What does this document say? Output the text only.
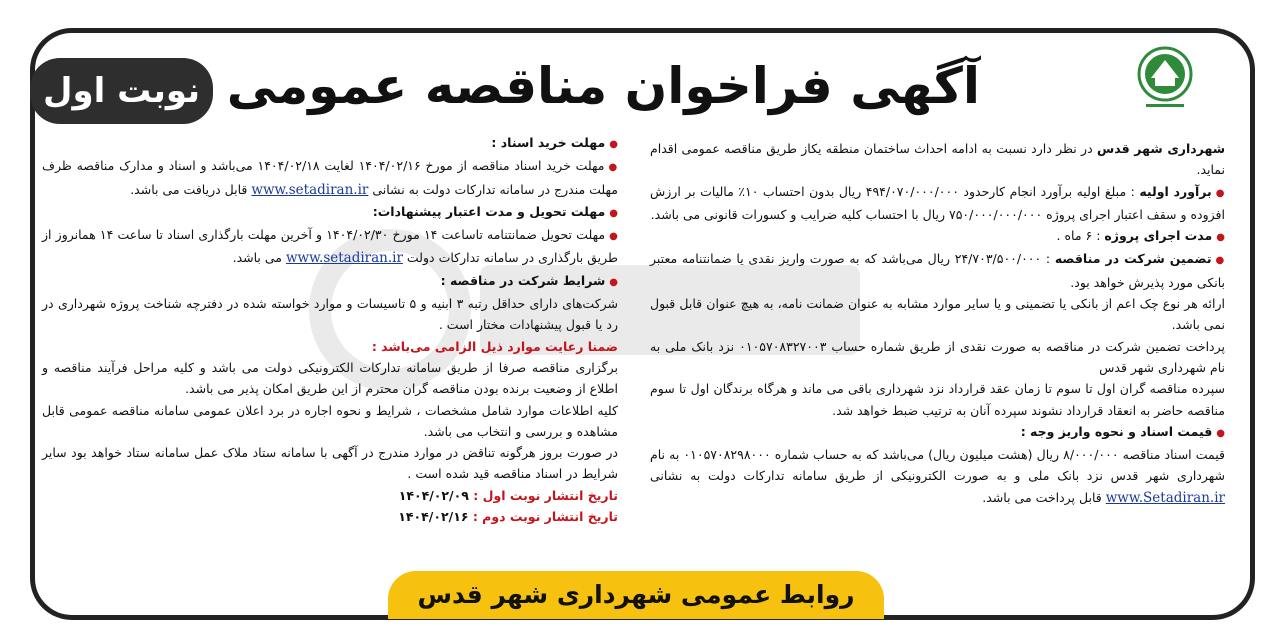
آگهی فراخوان مناقصه عمومی
نوبت اول

شهرداری شهر قدس در نظر دارد نسبت به ادامه احداث ساختمان منطقه یکاز طریق مناقصه عمومی اقدام نماید.

● برآورد اولیه : مبلغ اولیه برآورد انجام کارحدود ۴۹۴/۰۷۰/۰۰۰/۰۰۰ ریال بدون احتساب ۱۰٪ مالیات بر ارزش افزوده و سقف اعتبار اجرای پروژه ۷۵۰/۰۰۰/۰۰۰/۰۰۰ ریال با احتساب کلیه ضرایب و کسورات قانونی می باشد.

● مدت اجرای پروژه : ۶ ماه .

● تضمین شرکت در مناقصه : ۲۴/۷۰۳/۵۰۰/۰۰۰ ریال می‌باشد که به صورت واریز نقدی یا ضمانتنامه معتبر بانکی مورد پذیرش خواهد بود.

ارائه هر نوع چک اعم از بانکی یا تضمینی و یا سایر موارد مشابه به عنوان ضمانت نامه، به هیچ عنوان قابل قبول نمی باشد.

پرداخت تضمین شرکت در مناقصه به صورت نقدی از طریق شماره حساب ۰۱۰۵۷۰۸۳۲۷۰۰۳ نزد بانک ملی به نام شهرداری شهر قدس

سپرده مناقصه گران اول تا سوم تا زمان عقد قرارداد نزد شهرداری باقی می ماند و هرگاه برندگان اول تا سوم مناقصه حاضر به انعقاد قرارداد نشوند سپرده آنان به ترتیب ضبط خواهد شد.

● قیمت اسناد و نحوه واریز وجه :

قیمت اسناد مناقصه ۸/۰۰۰/۰۰۰ ریال (هشت میلیون ریال) می‌باشد که به حساب شماره ۰۱۰۵۷۰۸۲۹۸۰۰۰ به نام شهرداری شهر قدس نزد بانک ملی و به صورت الکترونیکی از طریق سامانه تدارکات دولت به نشانی www.Setadiran.ir قابل پرداخت می باشد.

● مهلت خرید اسناد :

● مهلت خرید اسناد مناقصه از مورخ ۱۴۰۴/۰۲/۱۶ لغایت ۱۴۰۴/۰۲/۱۸ می‌باشد و اسناد و مدارک مناقصه ظرف مهلت مندرج در سامانه تدارکات دولت به نشانی www.setadiran.ir قابل دریافت می باشد.

● مهلت تحویل و مدت اعتبار پیشنهادات:

● مهلت تحویل ضمانتنامه تاساعت ۱۴ مورخ ۱۴۰۴/۰۲/۳۰ و آخرین مهلت بارگذاری اسناد تا ساعت ۱۴ همانروز از طریق بارگذاری در سامانه تدارکات دولت www.setadiran.ir می باشد.

● شرایط شرکت در مناقصه :

شرکت‌های دارای حداقل رتبه ۳ ابنیه و ۵ تاسیسات و موارد خواسته شده در دفترچه شناخت پروژه شهرداری در رد یا قبول پیشنهادات مختار است .

ضمنا رعایت موارد ذیل الزامی می‌باشد :

برگزاری مناقصه صرفا از طریق سامانه تدارکات الکترونیکی دولت می باشد و کلیه مراحل فرآیند مناقصه و اطلاع از وضعیت برنده بودن مناقصه گران محترم از این طریق امکان پذیر می باشد.

کلیه اطلاعات موارد شامل مشخصات ، شرایط و نحوه اجاره در برد اعلان عمومی سامانه مناقصه عمومی قابل مشاهده و بررسی و انتخاب می باشد.

در صورت بروز هرگونه تناقض در موارد مندرج در آگهی با سامانه ستاد ملاک عمل سامانه ستاد خواهد بود سایر شرایط در اسناد مناقصه قید شده است .

تاریخ انتشار نوبت اول : ۱۴۰۴/۰۲/۰۹

تاریخ انتشار نوبت دوم : ۱۴۰۴/۰۲/۱۶

روابط عمومی شهرداری شهر قدس
